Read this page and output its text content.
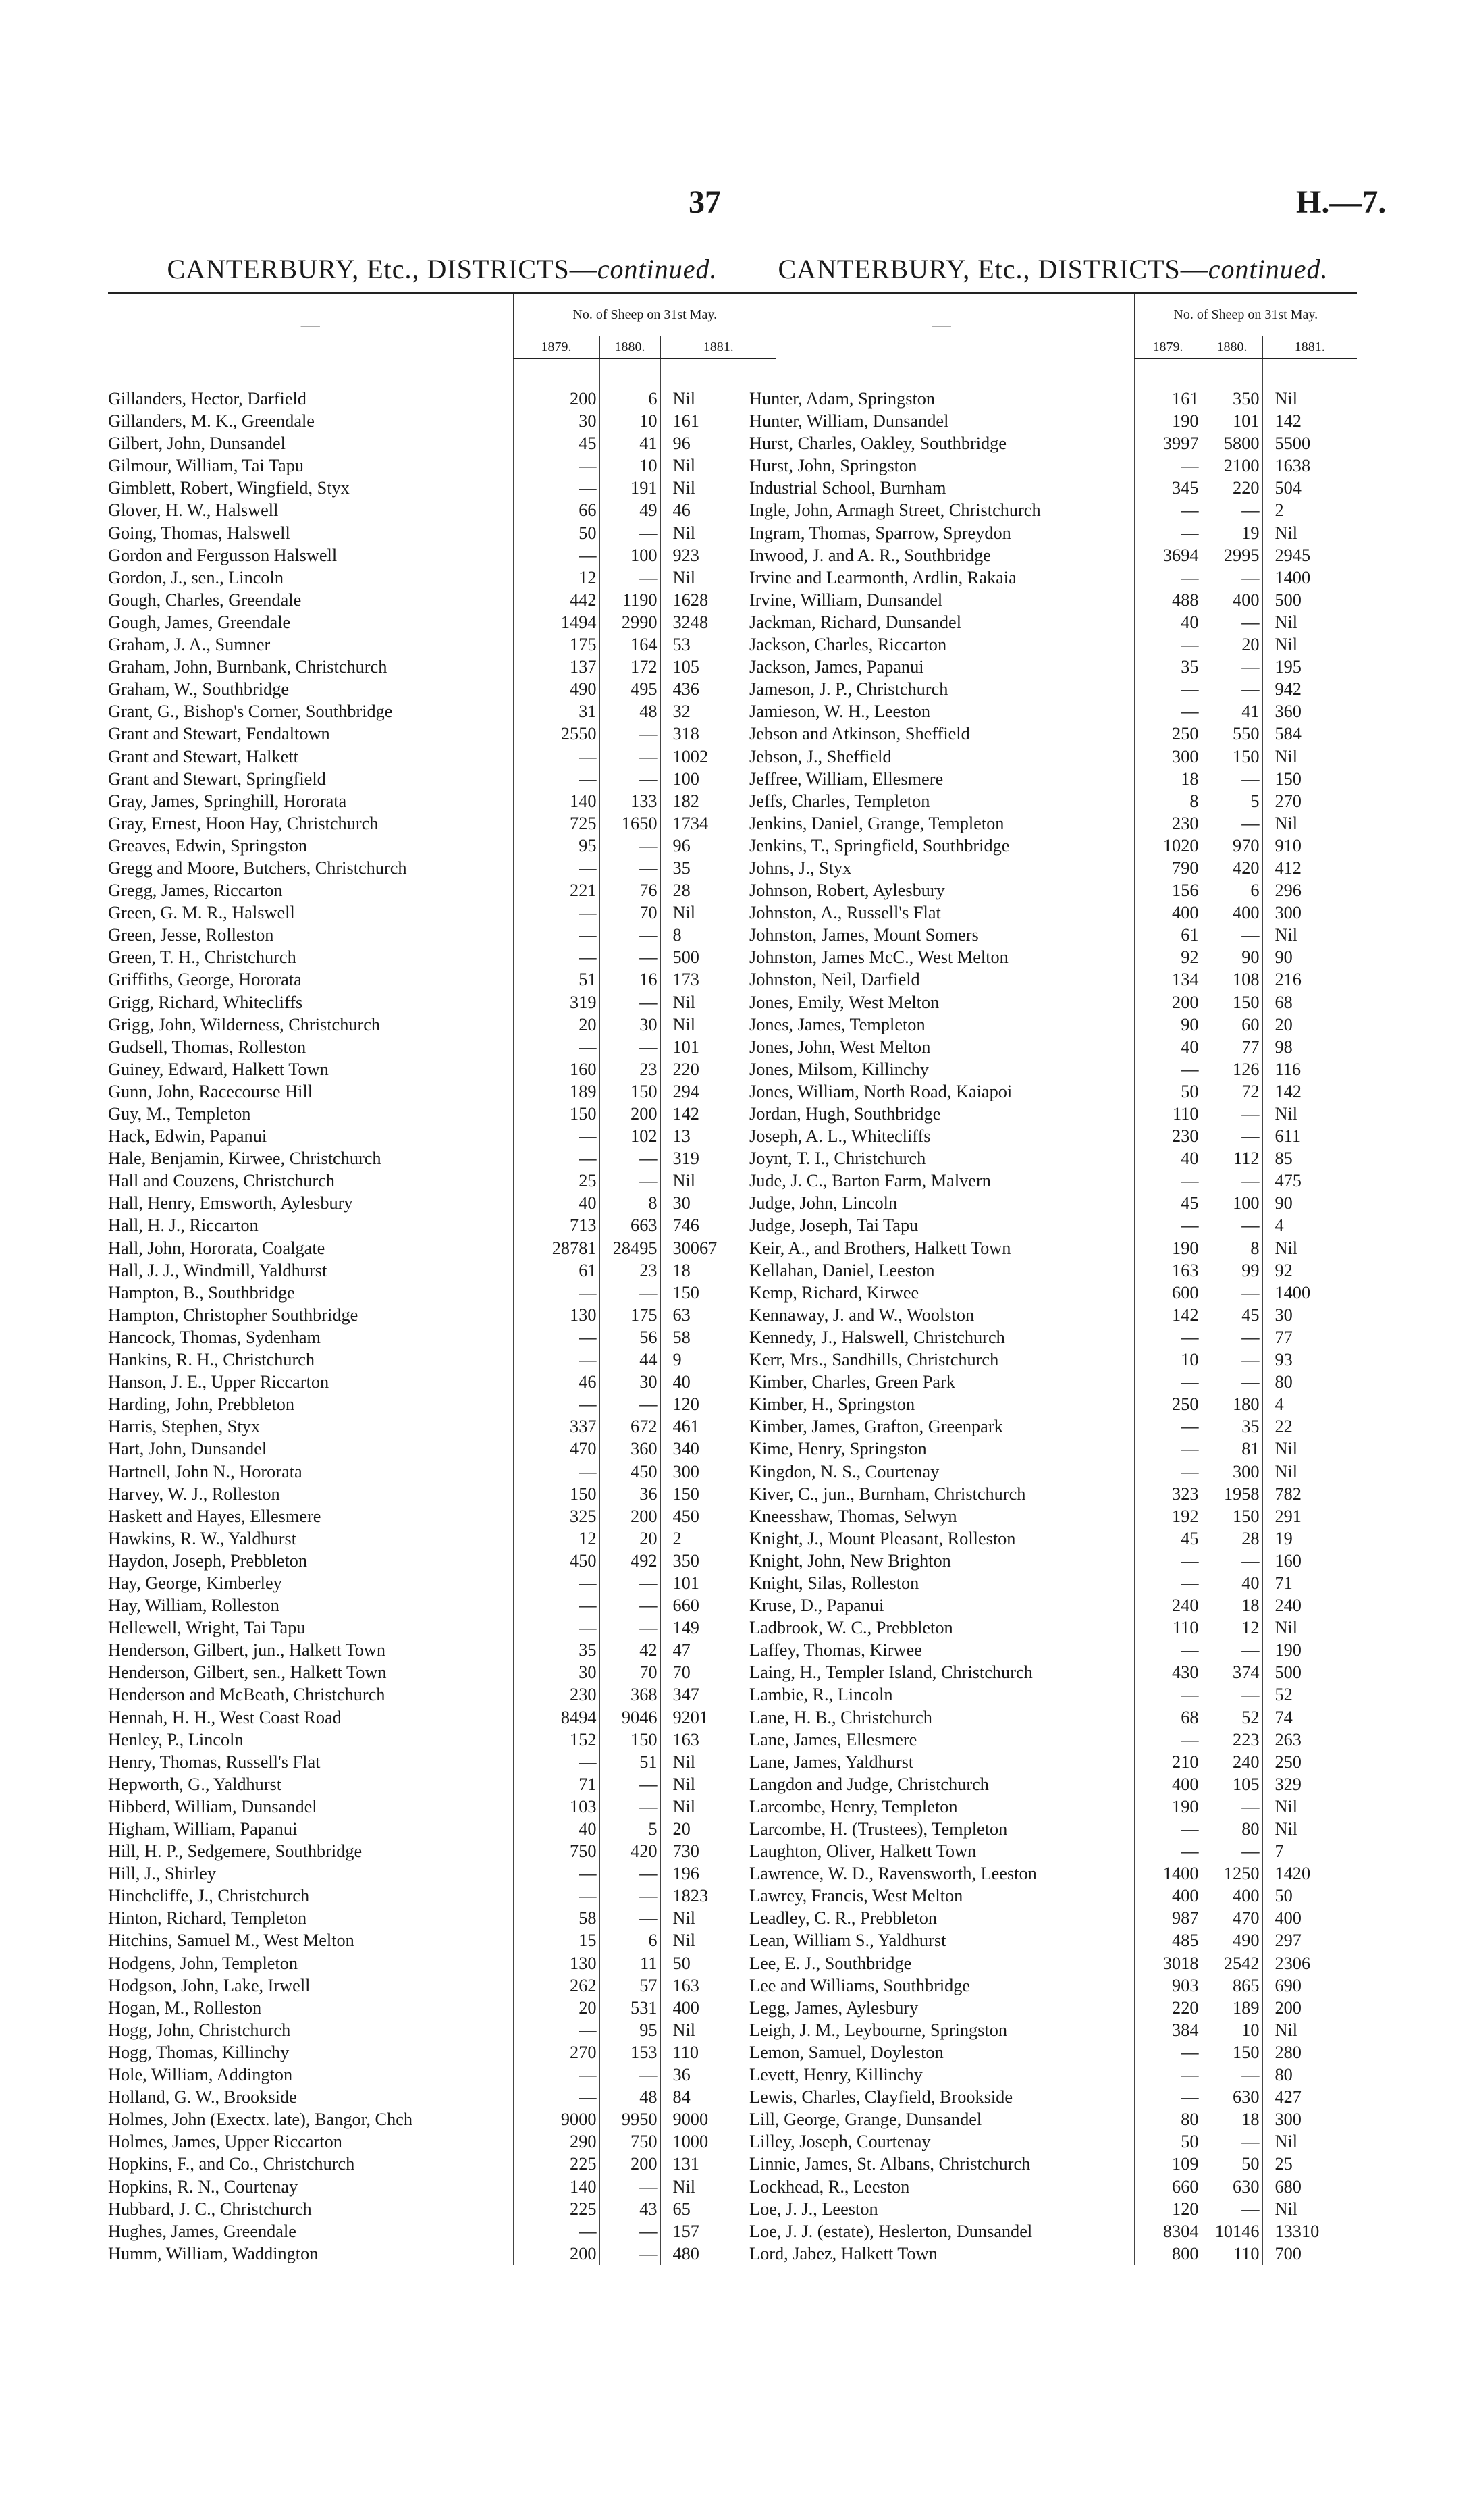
37	H.—7.
CANTERBURY, Etc., DISTRICTS—continued.
—	No. of Sheep on 31st May.		
	1879.	1880.	1881.
Gillanders, Hector, Darfield	200	6	Nil
Gillanders, M. K., Greendale	30	10	161
Gilbert, John, Dunsandel	45	41	96
Gilmour, William, Tai Tapu	—	10	Nil
Gimblett, Robert, Wingfield, Styx	—	191	Nil
Glover, H. W., Halswell	66	49	46
Going, Thomas, Halswell	50	—	Nil
Gordon and Fergusson Halswell	—	100	923
Gordon, J., sen., Lincoln	12	—	Nil
Gough, Charles, Greendale	442	1190	1628
Gough, James, Greendale	1494	2990	3248
Graham, J. A., Sumner	175	164	53
Graham, John, Burnbank, Christchurch	137	172	105
Graham, W., Southbridge	490	495	436
Grant, G., Bishop's Corner, Southbridge	31	48	32
Grant and Stewart, Fendaltown	2550	—	318
Grant and Stewart, Halkett	—	—	1002
Grant and Stewart, Springfield	—	—	100
Gray, James, Springhill, Hororata	140	133	182
Gray, Ernest, Hoon Hay, Christchurch	725	1650	1734
Greaves, Edwin, Springston	95	—	96
Gregg and Moore, Butchers, Christchurch	—	—	35
Gregg, James, Riccarton	221	76	28
Green, G. M. R., Halswell	—	70	Nil
Green, Jesse, Rolleston	—	—	8
Green, T. H., Christchurch	—	—	500
Griffiths, George, Hororata	51	16	173
Grigg, Richard, Whitecliffs	319	—	Nil
Grigg, John, Wilderness, Christchurch	20	30	Nil
Gudsell, Thomas, Rolleston	—	—	101
Guiney, Edward, Halkett Town	160	23	220
Gunn, John, Racecourse Hill	189	150	294
Guy, M., Templeton	150	200	142
Hack, Edwin, Papanui	—	102	13
Hale, Benjamin, Kirwee, Christchurch	—	—	319
Hall and Couzens, Christchurch	25	—	Nil
Hall, Henry, Emsworth, Aylesbury	40	8	30
Hall, H. J., Riccarton	713	663	746
Hall, John, Hororata, Coalgate	28781	28495	30067
Hall, J. J., Windmill, Yaldhurst	61	23	18
Hampton, B., Southbridge	—	—	150
Hampton, Christopher Southbridge	130	175	63
Hancock, Thomas, Sydenham	—	56	58
Hankins, R. H., Christchurch	—	44	9
Hanson, J. E., Upper Riccarton	46	30	40
Harding, John, Prebbleton	—	—	120
Harris, Stephen, Styx	337	672	461
Hart, John, Dunsandel	470	360	340
Hartnell, John N., Hororata	—	450	300
Harvey, W. J., Rolleston	150	36	150
Haskett and Hayes, Ellesmere	325	200	450
Hawkins, R. W., Yaldhurst	12	20	2
Haydon, Joseph, Prebbleton	450	492	350
Hay, George, Kimberley	—	—	101
Hay, William, Rolleston	—	—	660
Hellewell, Wright, Tai Tapu	—	—	149
Henderson, Gilbert, jun., Halkett Town	35	42	47
Henderson, Gilbert, sen., Halkett Town	30	70	70
Henderson and McBeath, Christchurch	230	368	347
Hennah, H. H., West Coast Road	8494	9046	9201
Henley, P., Lincoln	152	150	163
Henry, Thomas, Russell's Flat	—	51	Nil
Hepworth, G., Yaldhurst	71	—	Nil
Hibberd, William, Dunsandel	103	—	Nil
Higham, William, Papanui	40	5	20
Hill, H. P., Sedgemere, Southbridge	750	420	730
Hill, J., Shirley	—	—	196
Hinchcliffe, J., Christchurch	—	—	1823
Hinton, Richard, Templeton	58	—	Nil
Hitchins, Samuel M., West Melton	15	6	Nil
Hodgens, John, Templeton	130	11	50
Hodgson, John, Lake, Irwell	262	57	163
Hogan, M., Rolleston	20	531	400
Hogg, John, Christchurch	—	95	Nil
Hogg, Thomas, Killinchy	270	153	110
Hole, William, Addington	—	—	36
Holland, G. W., Brookside	—	48	84
Holmes, John (Exectx. late), Bangor, Chch	9000	9950	9000
Holmes, James, Upper Riccarton	290	750	1000
Hopkins, F., and Co., Christchurch	225	200	131
Hopkins, R. N., Courtenay	140	—	Nil
Hubbard, J. C., Christchurch	225	43	65
Hughes, James, Greendale	—	—	157
Humm, William, Waddington	200	—	480
CANTERBURY, Etc., DISTRICTS—continued.
—	No. of Sheep on 31st May.		
	1879.	1880.	1881.
Hunter, Adam, Springston	161	350	Nil
Hunter, William, Dunsandel	190	101	142
Hurst, Charles, Oakley, Southbridge	3997	5800	5500
Hurst, John, Springston	—	2100	1638
Industrial School, Burnham	345	220	504
Ingle, John, Armagh Street, Christchurch	—	—	2
Ingram, Thomas, Sparrow, Spreydon	—	19	Nil
Inwood, J. and A. R., Southbridge	3694	2995	2945
Irvine and Learmonth, Ardlin, Rakaia	—	—	1400
Irvine, William, Dunsandel	488	400	500
Jackman, Richard, Dunsandel	40	—	Nil
Jackson, Charles, Riccarton	—	20	Nil
Jackson, James, Papanui	35	—	195
Jameson, J. P., Christchurch	—	—	942
Jamieson, W. H., Leeston	—	41	360
Jebson and Atkinson, Sheffield	250	550	584
Jebson, J., Sheffield	300	150	Nil
Jeffree, William, Ellesmere	18	—	150
Jeffs, Charles, Templeton	8	5	270
Jenkins, Daniel, Grange, Templeton	230	—	Nil
Jenkins, T., Springfield, Southbridge	1020	970	910
Johns, J., Styx	790	420	412
Johnson, Robert, Aylesbury	156	6	296
Johnston, A., Russell's Flat	400	400	300
Johnston, James, Mount Somers	61	—	Nil
Johnston, James McC., West Melton	92	90	90
Johnston, Neil, Darfield	134	108	216
Jones, Emily, West Melton	200	150	68
Jones, James, Templeton	90	60	20
Jones, John, West Melton	40	77	98
Jones, Milsom, Killinchy	—	126	116
Jones, William, North Road, Kaiapoi	50	72	142
Jordan, Hugh, Southbridge	110	—	Nil
Joseph, A. L., Whitecliffs	230	—	611
Joynt, T. I., Christchurch	40	112	85
Jude, J. C., Barton Farm, Malvern	—	—	475
Judge, John, Lincoln	45	100	90
Judge, Joseph, Tai Tapu	—	—	4
Keir, A., and Brothers, Halkett Town	190	8	Nil
Kellahan, Daniel, Leeston	163	99	92
Kemp, Richard, Kirwee	600	—	1400
Kennaway, J. and W., Woolston	142	45	30
Kennedy, J., Halswell, Christchurch	—	—	77
Kerr, Mrs., Sandhills, Christchurch	10	—	93
Kimber, Charles, Green Park	—	—	80
Kimber, H., Springston	250	180	4
Kimber, James, Grafton, Greenpark	—	35	22
Kime, Henry, Springston	—	81	Nil
Kingdon, N. S., Courtenay	—	300	Nil
Kiver, C., jun., Burnham, Christchurch	323	1958	782
Kneesshaw, Thomas, Selwyn	192	150	291
Knight, J., Mount Pleasant, Rolleston	45	28	19
Knight, John, New Brighton	—	—	160
Knight, Silas, Rolleston	—	40	71
Kruse, D., Papanui	240	18	240
Ladbrook, W. C., Prebbleton	110	12	Nil
Laffey, Thomas, Kirwee	—	—	190
Laing, H., Templer Island, Christchurch	430	374	500
Lambie, R., Lincoln	—	—	52
Lane, H. B., Christchurch	68	52	74
Lane, James, Ellesmere	—	223	263
Lane, James, Yaldhurst	210	240	250
Langdon and Judge, Christchurch	400	105	329
Larcombe, Henry, Templeton	190	—	Nil
Larcombe, H. (Trustees), Templeton	—	80	Nil
Laughton, Oliver, Halkett Town	—	—	7
Lawrence, W. D., Ravensworth, Leeston	1400	1250	1420
Lawrey, Francis, West Melton	400	400	50
Leadley, C. R., Prebbleton	987	470	400
Lean, William S., Yaldhurst	485	490	297
Lee, E. J., Southbridge	3018	2542	2306
Lee and Williams, Southbridge	903	865	690
Legg, James, Aylesbury	220	189	200
Leigh, J. M., Leybourne, Springston	384	10	Nil
Lemon, Samuel, Doyleston	—	150	280
Levett, Henry, Killinchy	—	—	80
Lewis, Charles, Clayfield, Brookside	—	630	427
Lill, George, Grange, Dunsandel	80	18	300
Lilley, Joseph, Courtenay	50	—	Nil
Linnie, James, St. Albans, Christchurch	109	50	25
Lockhead, R., Leeston	660	630	680
Loe, J. J., Leeston	120	—	Nil
Loe, J. J. (estate), Heslerton, Dunsandel	8304	10146	13310
Lord, Jabez, Halkett Town	800	110	700
